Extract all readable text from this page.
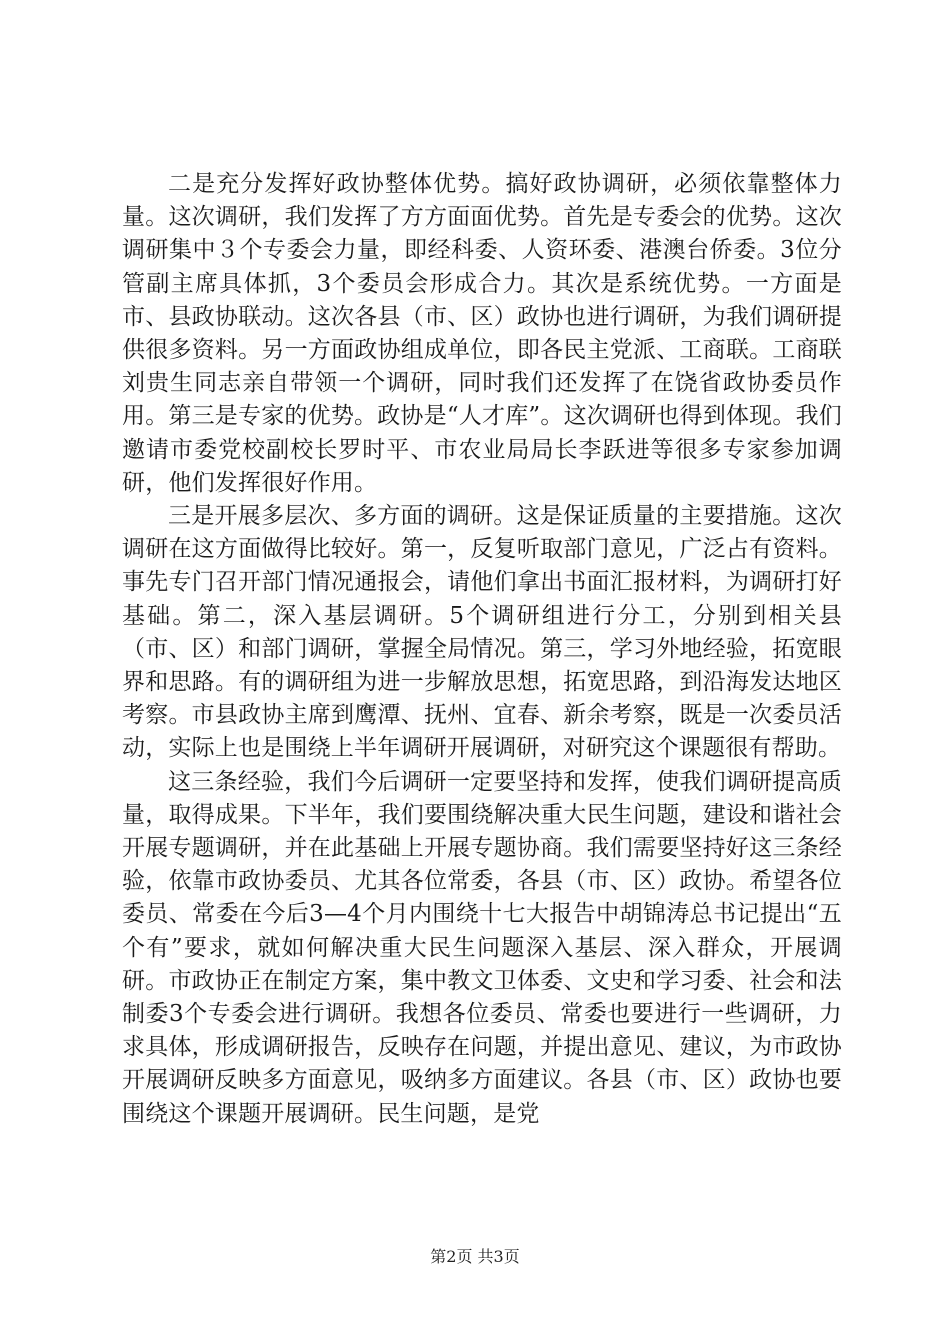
二是充分发挥好政协整体优势。搞好政协调研，必须依靠整体力量。这次调研，我们发挥了方方面面优势。首先是专委会的优势。这次调研集中３个专委会力量，即经科委、人资环委、港澳台侨委。3位分管副主席具体抓，3个委员会形成合力。其次是系统优势。一方面是市、县政协联动。这次各县（市、区）政协也进行调研，为我们调研提供很多资料。另一方面政协组成单位，即各民主党派、工商联。工商联刘贵生同志亲自带领一个调研，同时我们还发挥了在饶省政协委员作用。第三是专家的优势。政协是“人才库”。这次调研也得到体现。我们邀请市委党校副校长罗时平、市农业局局长李跃进等很多专家参加调研，他们发挥很好作用。

三是开展多层次、多方面的调研。这是保证质量的主要措施。这次调研在这方面做得比较好。第一，反复听取部门意见，广泛占有资料。事先专门召开部门情况通报会，请他们拿出书面汇报材料，为调研打好基础。第二，深入基层调研。5个调研组进行分工，分别到相关县（市、区）和部门调研，掌握全局情况。第三，学习外地经验，拓宽眼界和思路。有的调研组为进一步解放思想，拓宽思路，到沿海发达地区考察。市县政协主席到鹰潭、抚州、宜春、新余考察，既是一次委员活动，实际上也是围绕上半年调研开展调研，对研究这个课题很有帮助。

这三条经验，我们今后调研一定要坚持和发挥，使我们调研提高质量，取得成果。下半年，我们要围绕解决重大民生问题，建设和谐社会开展专题调研，并在此基础上开展专题协商。我们需要坚持好这三条经验，依靠市政协委员、尤其各位常委，各县（市、区）政协。希望各位委员、常委在今后3—4个月内围绕十七大报告中胡锦涛总书记提出“五个有”要求，就如何解决重大民生问题深入基层、深入群众，开展调研。市政协正在制定方案，集中教文卫体委、文史和学习委、社会和法制委3个专委会进行调研。我想各位委员、常委也要进行一些调研，力求具体，形成调研报告，反映存在问题，并提出意见、建议，为市政协开展调研反映多方面意见，吸纳多方面建议。各县（市、区）政协也要围绕这个课题开展调研。民生问题，是党

第2页 共3页
